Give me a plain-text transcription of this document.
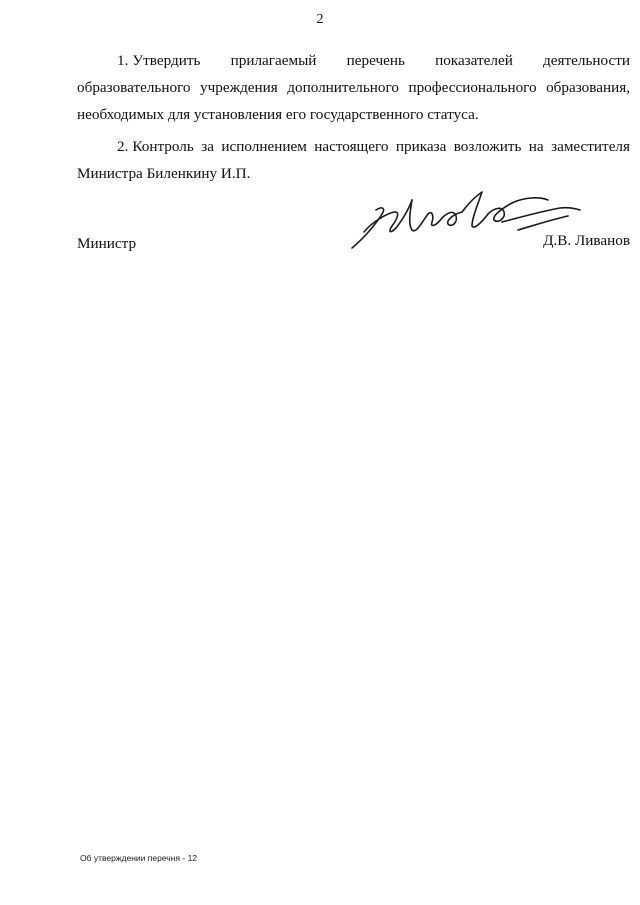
2

1. Утвердить прилагаемый перечень показателей деятельности образовательного учреждения дополнительного профессионального образования, необходимых для установления его государственного статуса.

2. Контроль за исполнением настоящего приказа возложить на заместителя Министра Биленкину И.П.

Министр	Д.В. Ливанов
Об утверждении перечня - 12
